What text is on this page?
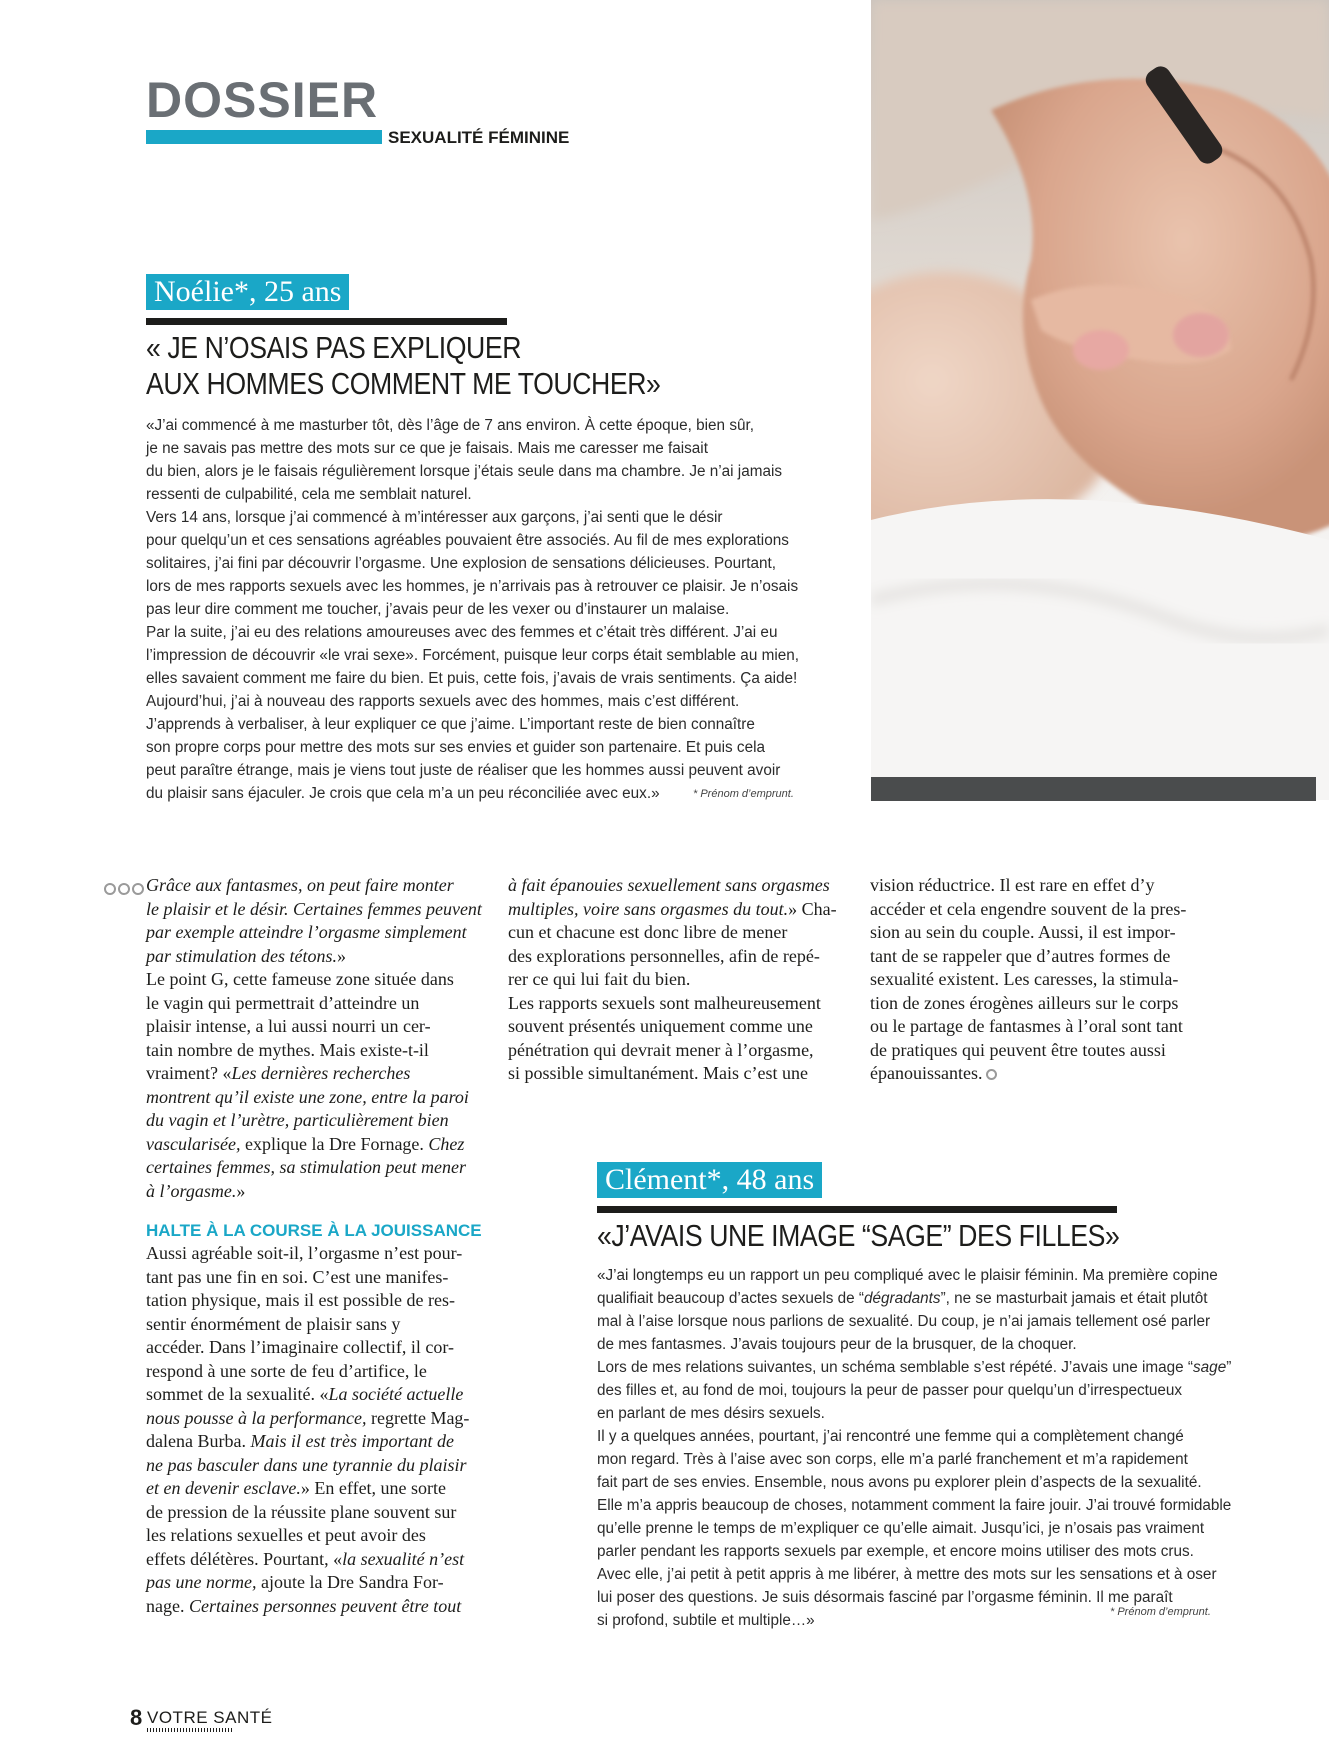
DOSSIER
SEXUALITÉ FÉMININE
Noélie*, 25 ans
« JE N’OSAIS PAS EXPLIQUER
AUX HOMMES COMMENT ME TOUCHER»
«J’ai commencé à me masturber tôt, dès l’âge de 7 ans environ. À cette époque, bien sûr,
je ne savais pas mettre des mots sur ce que je faisais. Mais me caresser me faisait
du bien, alors je le faisais régulièrement lorsque j’étais seule dans ma chambre. Je n’ai jamais
ressenti de culpabilité, cela me semblait naturel.
Vers 14 ans, lorsque j’ai commencé à m’intéresser aux garçons, j’ai senti que le désir
pour quelqu’un et ces sensations agréables pouvaient être associés. Au fil de mes explorations
solitaires, j’ai fini par découvrir l’orgasme. Une explosion de sensations délicieuses. Pourtant,
lors de mes rapports sexuels avec les hommes, je n’arrivais pas à retrouver ce plaisir. Je n’osais
pas leur dire comment me toucher, j’avais peur de les vexer ou d’instaurer un malaise.
Par la suite, j’ai eu des relations amoureuses avec des femmes et c’était très différent. J’ai eu
l’impression de découvrir «le vrai sexe». Forcément, puisque leur corps était semblable au mien,
elles savaient comment me faire du bien. Et puis, cette fois, j’avais de vrais sentiments. Ça aide!
Aujourd’hui, j’ai à nouveau des rapports sexuels avec des hommes, mais c’est différent.
J’apprends à verbaliser, à leur expliquer ce que j’aime. L’important reste de bien connaître
son propre corps pour mettre des mots sur ses envies et guider son partenaire. Et puis cela
peut paraître étrange, mais je viens tout juste de réaliser que les hommes aussi peuvent avoir
du plaisir sans éjaculer. Je crois que cela m’a un peu réconciliée avec eux.»	* Prénom d’emprunt.
Grâce aux fantasmes, on peut faire monter
le plaisir et le désir. Certaines femmes peuvent
par exemple atteindre l’orgasme simplement
par stimulation des tétons.»
Le point G, cette fameuse zone située dans
le vagin qui permettrait d’atteindre un
plaisir intense, a lui aussi nourri un cer-
tain nombre de mythes. Mais existe-t-il
vraiment? «Les dernières recherches
montrent qu’il existe une zone, entre la paroi
du vagin et l’urètre, particulièrement bien
vascularisée, explique la Dre Fornage. Chez
certaines femmes, sa stimulation peut mener
à l’orgasme.»
HALTE À LA COURSE À LA JOUISSANCE
Aussi agréable soit-il, l’orgasme n’est pour-
tant pas une fin en soi. C’est une manifes-
tation physique, mais il est possible de res-
sentir énormément de plaisir sans y
accéder. Dans l’imaginaire collectif, il cor-
respond à une sorte de feu d’artifice, le
sommet de la sexualité. «La société actuelle
nous pousse à la performance, regrette Mag-
dalena Burba. Mais il est très important de
ne pas basculer dans une tyrannie du plaisir
et en devenir esclave.» En effet, une sorte
de pression de la réussite plane souvent sur
les relations sexuelles et peut avoir des
effets délétères. Pourtant, «la sexualité n’est
pas une norme, ajoute la Dre Sandra For-
nage. Certaines personnes peuvent être tout
à fait épanouies sexuellement sans orgasmes
multiples, voire sans orgasmes du tout.» Cha-
cun et chacune est donc libre de mener
des explorations personnelles, afin de repé-
rer ce qui lui fait du bien.
Les rapports sexuels sont malheureusement
souvent présentés uniquement comme une
pénétration qui devrait mener à l’orgasme,
si possible simultanément. Mais c’est une
vision réductrice. Il est rare en effet d’y
accéder et cela engendre souvent de la pres-
sion au sein du couple. Aussi, il est impor-
tant de se rappeler que d’autres formes de
sexualité existent. Les caresses, la stimula-
tion de zones érogènes ailleurs sur le corps
ou le partage de fantasmes à l’oral sont tant
de pratiques qui peuvent être toutes aussi
épanouissantes.
Clément*, 48 ans
«J’AVAIS UNE IMAGE “SAGE” DES FILLES»
«J’ai longtemps eu un rapport un peu compliqué avec le plaisir féminin. Ma première copine
qualifiait beaucoup d’actes sexuels de “dégradants”, ne se masturbait jamais et était plutôt
mal à l’aise lorsque nous parlions de sexualité. Du coup, je n’ai jamais tellement osé parler
de mes fantasmes. J’avais toujours peur de la brusquer, de la choquer.
Lors de mes relations suivantes, un schéma semblable s’est répété. J’avais une image “sage”
des filles et, au fond de moi, toujours la peur de passer pour quelqu’un d’irrespectueux
en parlant de mes désirs sexuels.
Il y a quelques années, pourtant, j’ai rencontré une femme qui a complètement changé
mon regard. Très à l’aise avec son corps, elle m’a parlé franchement et m’a rapidement
fait part de ses envies. Ensemble, nous avons pu explorer plein d’aspects de la sexualité.
Elle m’a appris beaucoup de choses, notamment comment la faire jouir. J’ai trouvé formidable
qu’elle prenne le temps de m’expliquer ce qu’elle aimait. Jusqu’ici, je n’osais pas vraiment
parler pendant les rapports sexuels par exemple, et encore moins utiliser des mots crus.
Avec elle, j’ai petit à petit appris à me libérer, à mettre des mots sur les sensations et à oser
lui poser des questions. Je suis désormais fasciné par l’orgasme féminin. Il me paraît
si profond, subtile et multiple…»	* Prénom d’emprunt.
8 VOTRE SANTÉ
